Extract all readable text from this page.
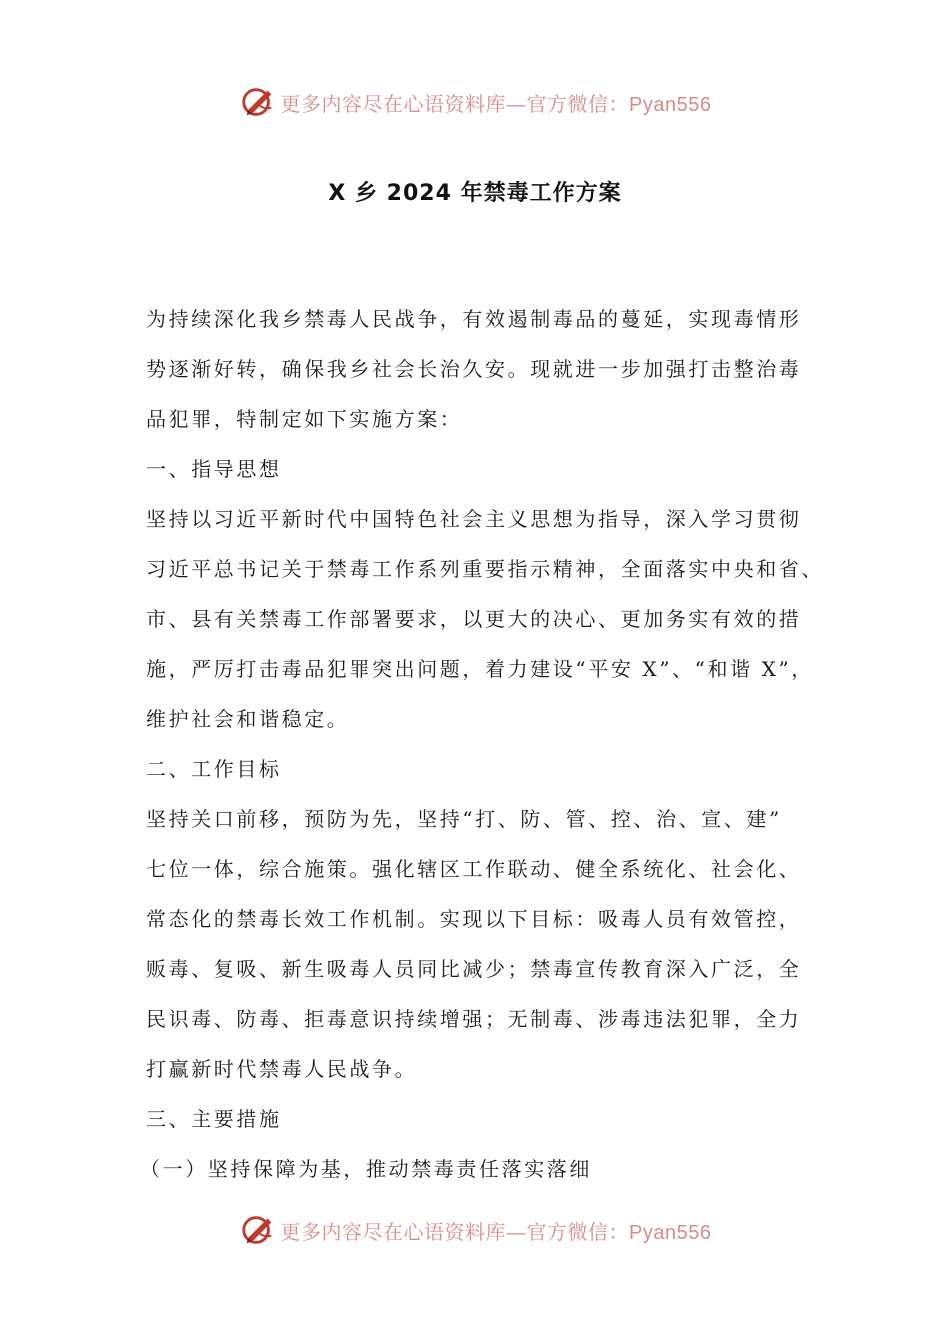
更多内容尽在心语资料库—官方微信：Pyan556
X 乡 2024 年禁毒工作方案
为持续深化我乡禁毒人民战争，有效遏制毒品的蔓延，实现毒情形
势逐渐好转，确保我乡社会长治久安。现就进一步加强打击整治毒
品犯罪，特制定如下实施方案：
一、指导思想
坚持以习近平新时代中国特色社会主义思想为指导，深入学习贯彻
习近平总书记关于禁毒工作系列重要指示精神，全面落实中央和省、
市、县有关禁毒工作部署要求，以更大的决心、更加务实有效的措
施，严厉打击毒品犯罪突出问题，着力建设“平安 X”、“和谐 X”，
维护社会和谐稳定。
二、工作目标
坚持关口前移，预防为先，坚持“打、防、管、控、治、宣、建”
七位一体，综合施策。强化辖区工作联动、健全系统化、社会化、
常态化的禁毒长效工作机制。实现以下目标：吸毒人员有效管控，
贩毒、复吸、新生吸毒人员同比减少；禁毒宣传教育深入广泛，全
民识毒、防毒、拒毒意识持续增强；无制毒、涉毒违法犯罪，全力
打赢新时代禁毒人民战争。
三、主要措施
（一）坚持保障为基，推动禁毒责任落实落细
更多内容尽在心语资料库—官方微信：Pyan556
